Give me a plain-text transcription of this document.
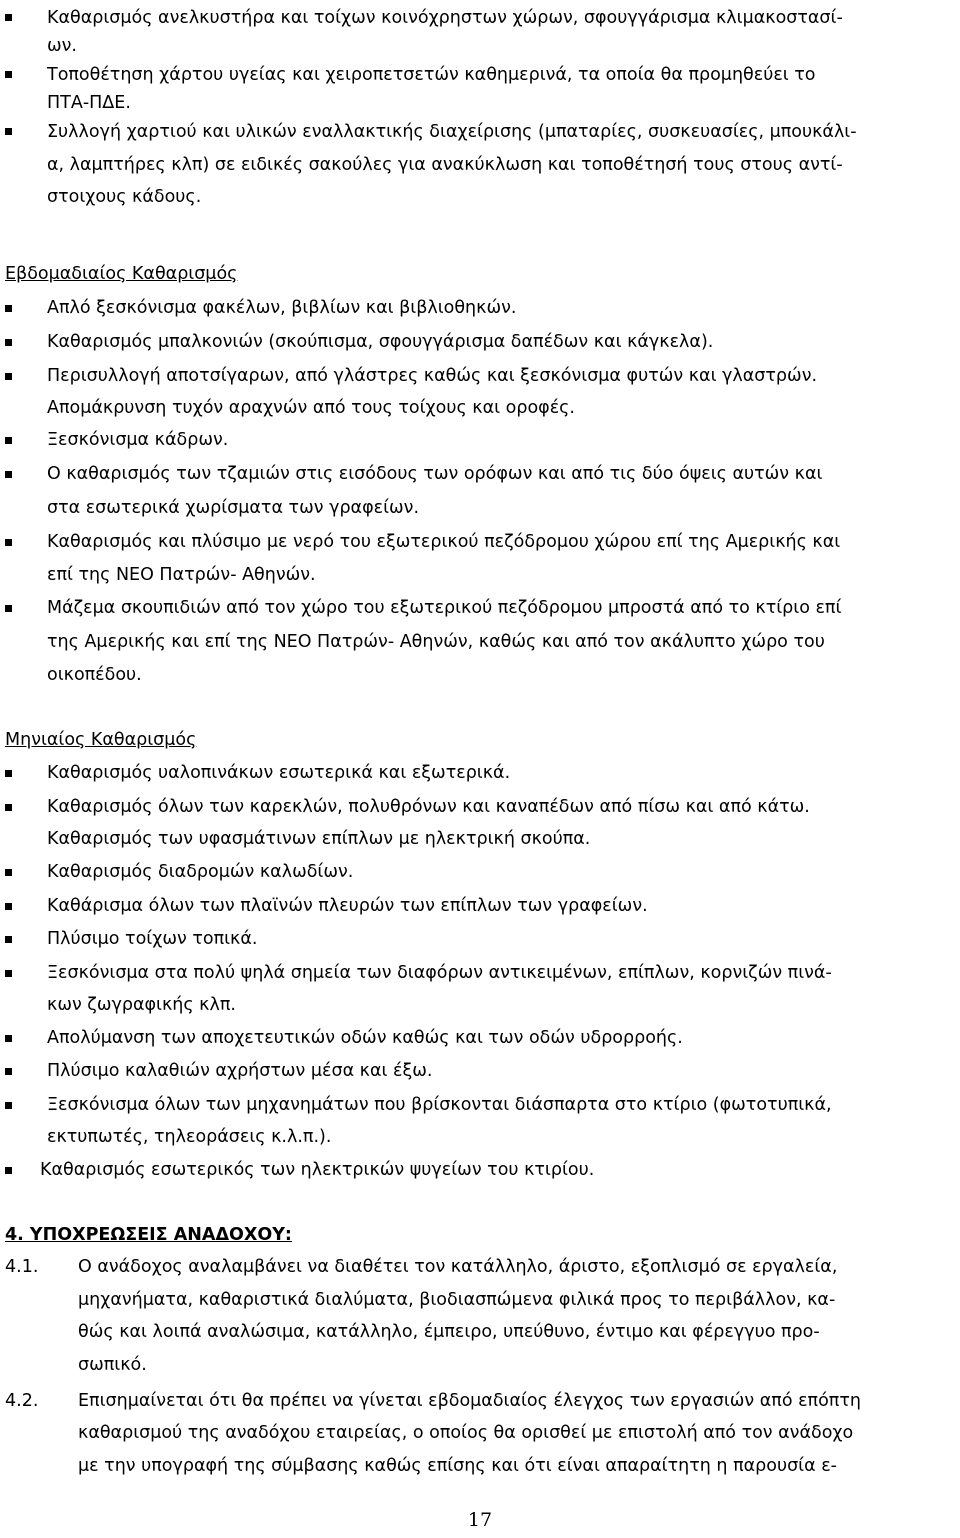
Καθαρισμός ανελκυστήρα και τοίχων κοινόχρηστων χώρων, σφουγγάρισμα κλιμακοστασί-
ων.
Τοποθέτηση χάρτου υγείας και χειροπετσετών καθημερινά, τα οποία θα προμηθεύει το
ΠΤΑ-ΠΔΕ.
Συλλογή χαρτιού και υλικών εναλλακτικής διαχείρισης (μπαταρίες, συσκευασίες, μπουκάλι-
α, λαμπτήρες κλπ) σε ειδικές σακούλες για ανακύκλωση και τοποθέτησή τους στους αντί-
στοιχους κάδους.
Εβδομαδιαίος Καθαρισμός
Απλό ξεσκόνισμα φακέλων, βιβλίων και βιβλιοθηκών.
Καθαρισμός μπαλκονιών (σκούπισμα, σφουγγάρισμα δαπέδων και κάγκελα).
Περισυλλογή αποτσίγαρων, από γλάστρες καθώς και ξεσκόνισμα φυτών και γλαστρών.
Απομάκρυνση τυχόν αραχνών από τους τοίχους και οροφές.
Ξεσκόνισμα κάδρων.
Ο καθαρισμός των τζαμιών στις εισόδους των ορόφων και από τις δύο όψεις αυτών και
στα εσωτερικά χωρίσματα των γραφείων.
Καθαρισμός και πλύσιμο με νερό του εξωτερικού πεζόδρομου χώρου επί της Αμερικής και
επί της ΝΕΟ Πατρών- Αθηνών.
Μάζεμα σκουπιδιών από τον χώρο του εξωτερικού πεζόδρομου μπροστά από το κτίριο επί
της Αμερικής και επί της ΝΕΟ Πατρών- Αθηνών, καθώς και από τον ακάλυπτο χώρο του
οικοπέδου.
Μηνιαίος Καθαρισμός
Καθαρισμός υαλοπινάκων εσωτερικά και εξωτερικά.
Καθαρισμός όλων των καρεκλών, πολυθρόνων και καναπέδων από πίσω και από κάτω.
Καθαρισμός των υφασμάτινων επίπλων με ηλεκτρική σκούπα.
Καθαρισμός διαδρομών καλωδίων.
Καθάρισμα όλων των πλαϊνών πλευρών των επίπλων των γραφείων.
Πλύσιμο τοίχων τοπικά.
Ξεσκόνισμα στα πολύ ψηλά σημεία των διαφόρων αντικειμένων, επίπλων, κορνιζών πινά-
κων ζωγραφικής κλπ.
Απολύμανση των αποχετευτικών οδών καθώς και των οδών υδρορροής.
Πλύσιμο καλαθιών αχρήστων μέσα και έξω.
Ξεσκόνισμα όλων των μηχανημάτων που βρίσκονται διάσπαρτα στο κτίριο (φωτοτυπικά,
εκτυπωτές, τηλεοράσεις κ.λ.π.).
Καθαρισμός εσωτερικός των ηλεκτρικών ψυγείων του κτιρίου.
4. ΥΠΟΧΡΕΩΣΕΙΣ ΑΝΑΔΟΧΟΥ:
4.1. Ο ανάδοχος αναλαμβάνει να διαθέτει τον κατάλληλο, άριστο, εξοπλισμό σε εργαλεία,
μηχανήματα, καθαριστικά διαλύματα, βιοδιασπώμενα φιλικά προς το περιβάλλον, κα-
θώς και λοιπά αναλώσιμα, κατάλληλο, έμπειρο, υπεύθυνο, έντιμο και φέρεγγυο προ-
σωπικό.
4.2. Επισημαίνεται ότι θα πρέπει να γίνεται εβδομαδιαίος έλεγχος των εργασιών από επόπτη
καθαρισμού της αναδόχου εταιρείας, ο οποίος θα ορισθεί με επιστολή από τον ανάδοχο
με την υπογραφή της σύμβασης καθώς επίσης και ότι είναι απαραίτητη η παρουσία ε-
17
